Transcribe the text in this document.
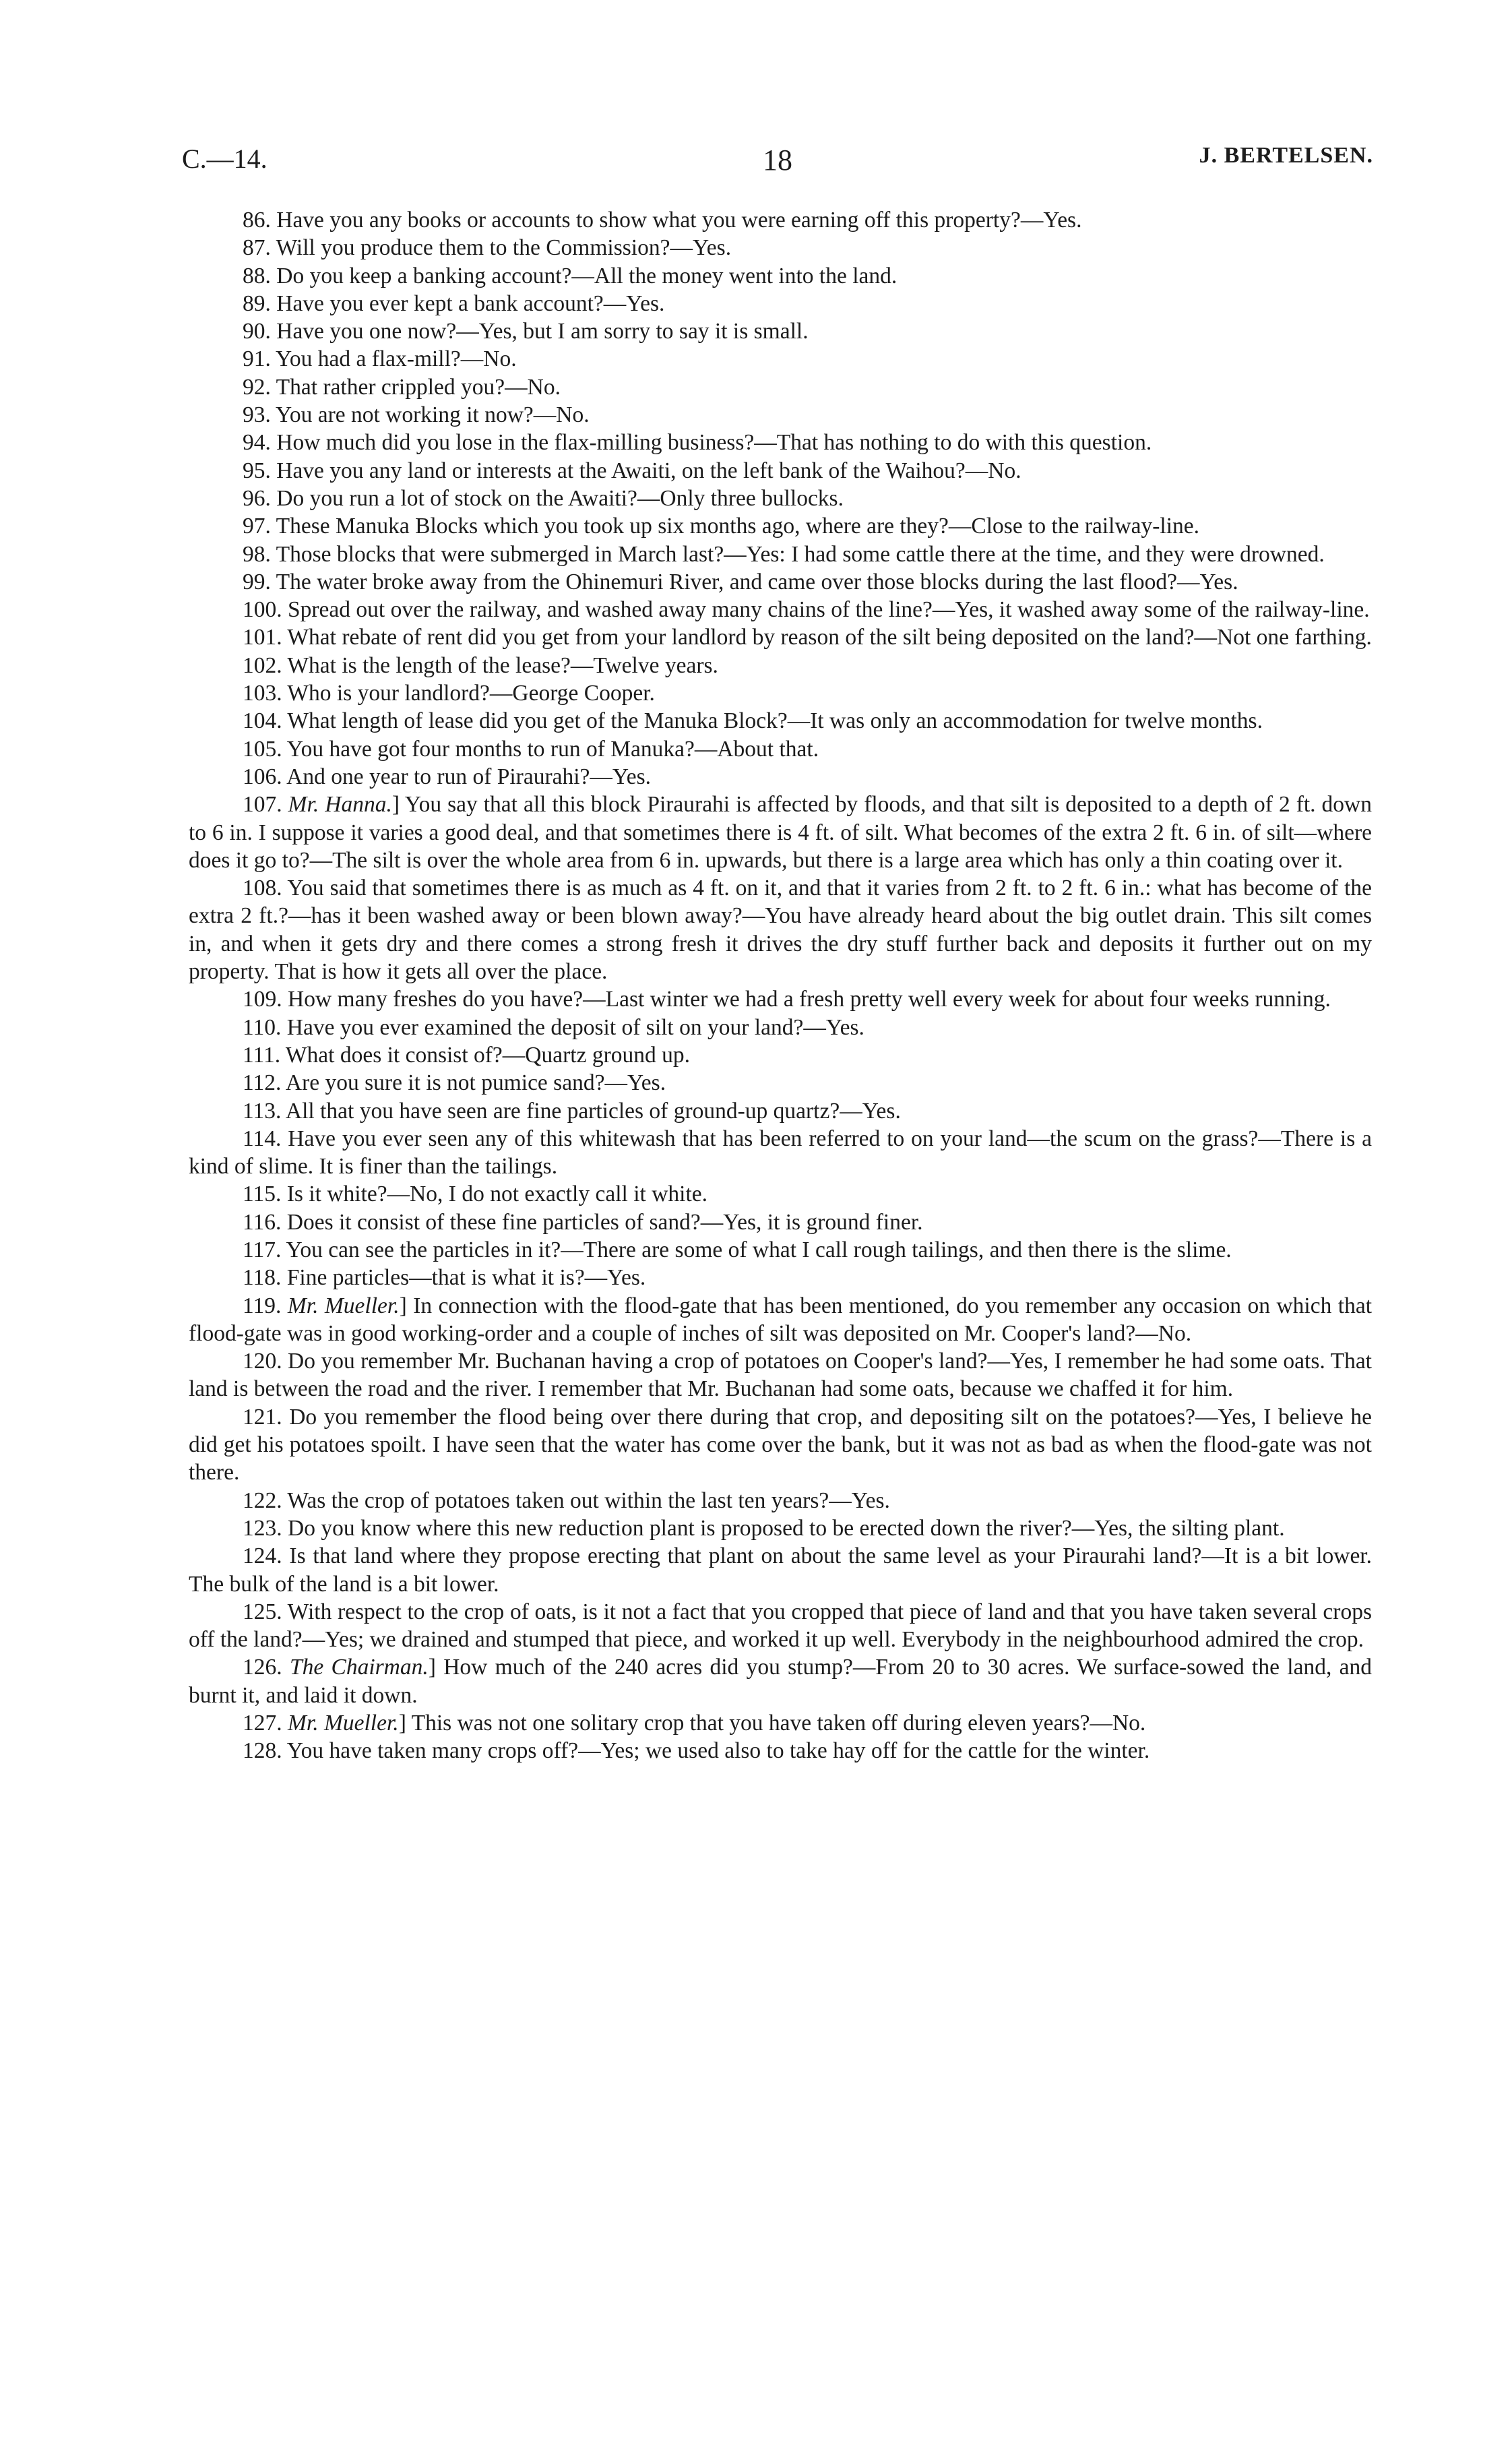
C.—14.	18	J. BERTELSEN.

86. Have you any books or accounts to show what you were earning off this property?—Yes.

87. Will you produce them to the Commission?—Yes.

88. Do you keep a banking account?—All the money went into the land.

89. Have you ever kept a bank account?—Yes.

90. Have you one now?—Yes, but I am sorry to say it is small.

91. You had a flax-mill?—No.

92. That rather crippled you?—No.

93. You are not working it now?—No.

94. How much did you lose in the flax-milling business?—That has nothing to do with this question.

95. Have you any land or interests at the Awaiti, on the left bank of the Waihou?—No.

96. Do you run a lot of stock on the Awaiti?—Only three bullocks.

97. These Manuka Blocks which you took up six months ago, where are they?—Close to the railway-line.

98. Those blocks that were submerged in March last?—Yes: I had some cattle there at the time, and they were drowned.

99. The water broke away from the Ohinemuri River, and came over those blocks during the last flood?—Yes.

100. Spread out over the railway, and washed away many chains of the line?—Yes, it washed away some of the railway-line.

101. What rebate of rent did you get from your landlord by reason of the silt being deposited on the land?—Not one farthing.

102. What is the length of the lease?—Twelve years.

103. Who is your landlord?—George Cooper.

104. What length of lease did you get of the Manuka Block?—It was only an accommodation for twelve months.

105. You have got four months to run of Manuka?—About that.

106. And one year to run of Piraurahi?—Yes.

107. Mr. Hanna.] You say that all this block Piraurahi is affected by floods, and that silt is deposited to a depth of 2 ft. down to 6 in. I suppose it varies a good deal, and that sometimes there is 4 ft. of silt. What becomes of the extra 2 ft. 6 in. of silt—where does it go to?—The silt is over the whole area from 6 in. upwards, but there is a large area which has only a thin coating over it.

108. You said that sometimes there is as much as 4 ft. on it, and that it varies from 2 ft. to 2 ft. 6 in.: what has become of the extra 2 ft.?—has it been washed away or been blown away?—You have already heard about the big outlet drain. This silt comes in, and when it gets dry and there comes a strong fresh it drives the dry stuff further back and deposits it further out on my property. That is how it gets all over the place.

109. How many freshes do you have?—Last winter we had a fresh pretty well every week for about four weeks running.

110. Have you ever examined the deposit of silt on your land?—Yes.

111. What does it consist of?—Quartz ground up.

112. Are you sure it is not pumice sand?—Yes.

113. All that you have seen are fine particles of ground-up quartz?—Yes.

114. Have you ever seen any of this whitewash that has been referred to on your land—the scum on the grass?—There is a kind of slime. It is finer than the tailings.

115. Is it white?—No, I do not exactly call it white.

116. Does it consist of these fine particles of sand?—Yes, it is ground finer.

117. You can see the particles in it?—There are some of what I call rough tailings, and then there is the slime.

118. Fine particles—that is what it is?—Yes.

119. Mr. Mueller.] In connection with the flood-gate that has been mentioned, do you remember any occasion on which that flood-gate was in good working-order and a couple of inches of silt was deposited on Mr. Cooper's land?—No.

120. Do you remember Mr. Buchanan having a crop of potatoes on Cooper's land?—Yes, I remember he had some oats. That land is between the road and the river. I remember that Mr. Buchanan had some oats, because we chaffed it for him.

121. Do you remember the flood being over there during that crop, and depositing silt on the potatoes?—Yes, I believe he did get his potatoes spoilt. I have seen that the water has come over the bank, but it was not as bad as when the flood-gate was not there.

122. Was the crop of potatoes taken out within the last ten years?—Yes.

123. Do you know where this new reduction plant is proposed to be erected down the river?—Yes, the silting plant.

124. Is that land where they propose erecting that plant on about the same level as your Piraurahi land?—It is a bit lower. The bulk of the land is a bit lower.

125. With respect to the crop of oats, is it not a fact that you cropped that piece of land and that you have taken several crops off the land?—Yes; we drained and stumped that piece, and worked it up well. Everybody in the neighbourhood admired the crop.

126. The Chairman.] How much of the 240 acres did you stump?—From 20 to 30 acres. We surface-sowed the land, and burnt it, and laid it down.

127. Mr. Mueller.] This was not one solitary crop that you have taken off during eleven years?—No.

128. You have taken many crops off?—Yes; we used also to take hay off for the cattle for the winter.
